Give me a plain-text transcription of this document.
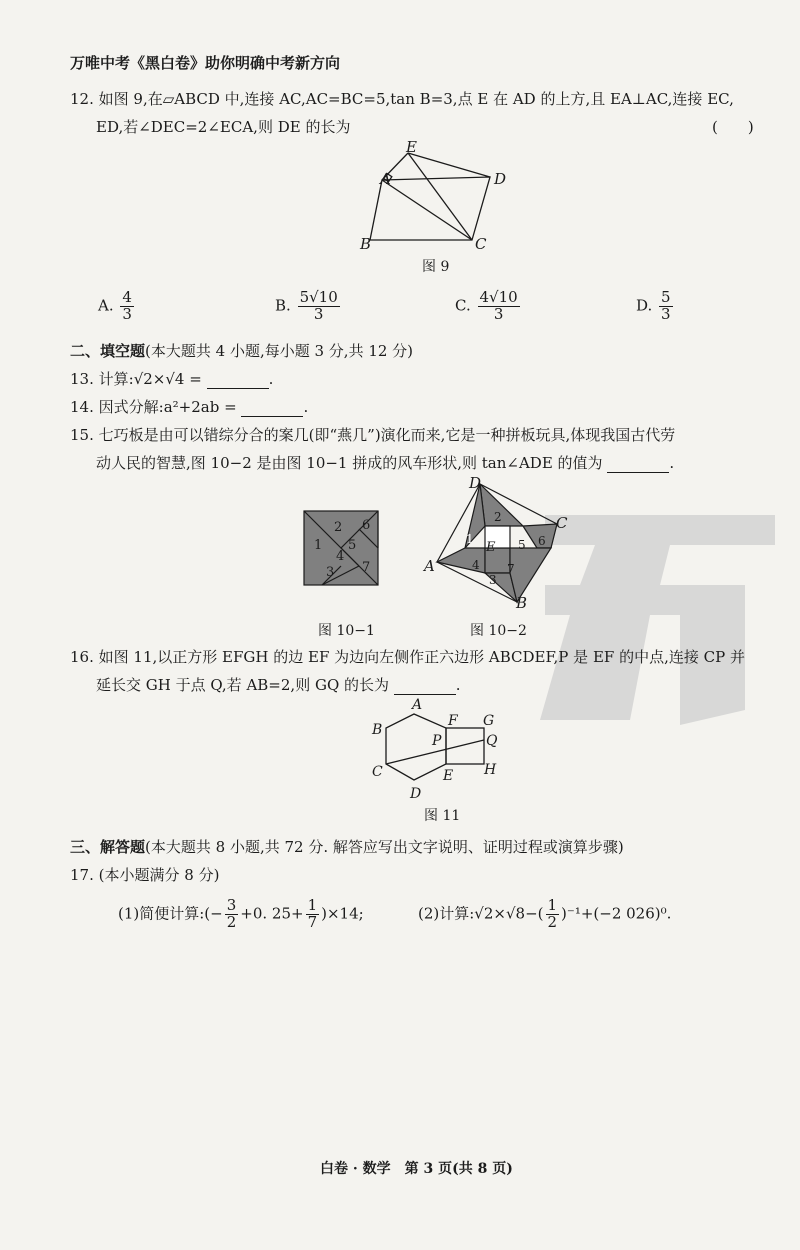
万唯中考《黑白卷》助你明确中考新方向
12. 如图 9,在▱ABCD 中,连接 AC,AC=BC=5,tan B=3,点 E 在 AD 的上方,且 EA⊥AC,连接 EC,
ED,若∠DEC=2∠ECA,则 DE 的长为	(　　)
E
A	D
B	C
图 9
A. $\frac{4}{3}$	B. $\frac{5√10}{3}$	C. $\frac{4√10}{3}$	D. $\frac{5}{3}$
二、填空题(本大题共 4 小题,每小题 3 分,共 12 分)
13. 计算:√2×√4 =	.
14. 因式分解:a²+2ab =	.
15. 七巧板是由可以错综分合的案几(即“燕几”)演化而来,它是一种拼板玩具,体现我国古代劳
动人民的智慧,图 10−2 是由图 10−1 拼成的风车形状,则 tan∠ADE 的值为	.
2 6
1 5
4
3 7
D
C
A
B
E
1
2
3
4
5 6
7
图 10−1	图 10−2
16. 如图 11,以正方形 EFGH 的边 EF 为边向左侧作正六边形 ABCDEF,P 是 EF 的中点,连接 CP 并
延长交 GH 于点 Q,若 AB=2,则 GQ 的长为	.
A
B
F G
P	Q
C	E H
D
图 11
三、解答题(本大题共 8 小题,共 72 分. 解答应写出文字说明、证明过程或演算步骤)
17. (本小题满分 8 分)
(1)简便计算:(− $\frac{3}{2} +0$. $25+ \frac{1}{7} )\times 14$;	(2)计算:√2×√8−( $\frac{1}{2} )^{-1}+(-2$ 026)⁰.
白卷 · 数学　第 3 页(共 8 页)
